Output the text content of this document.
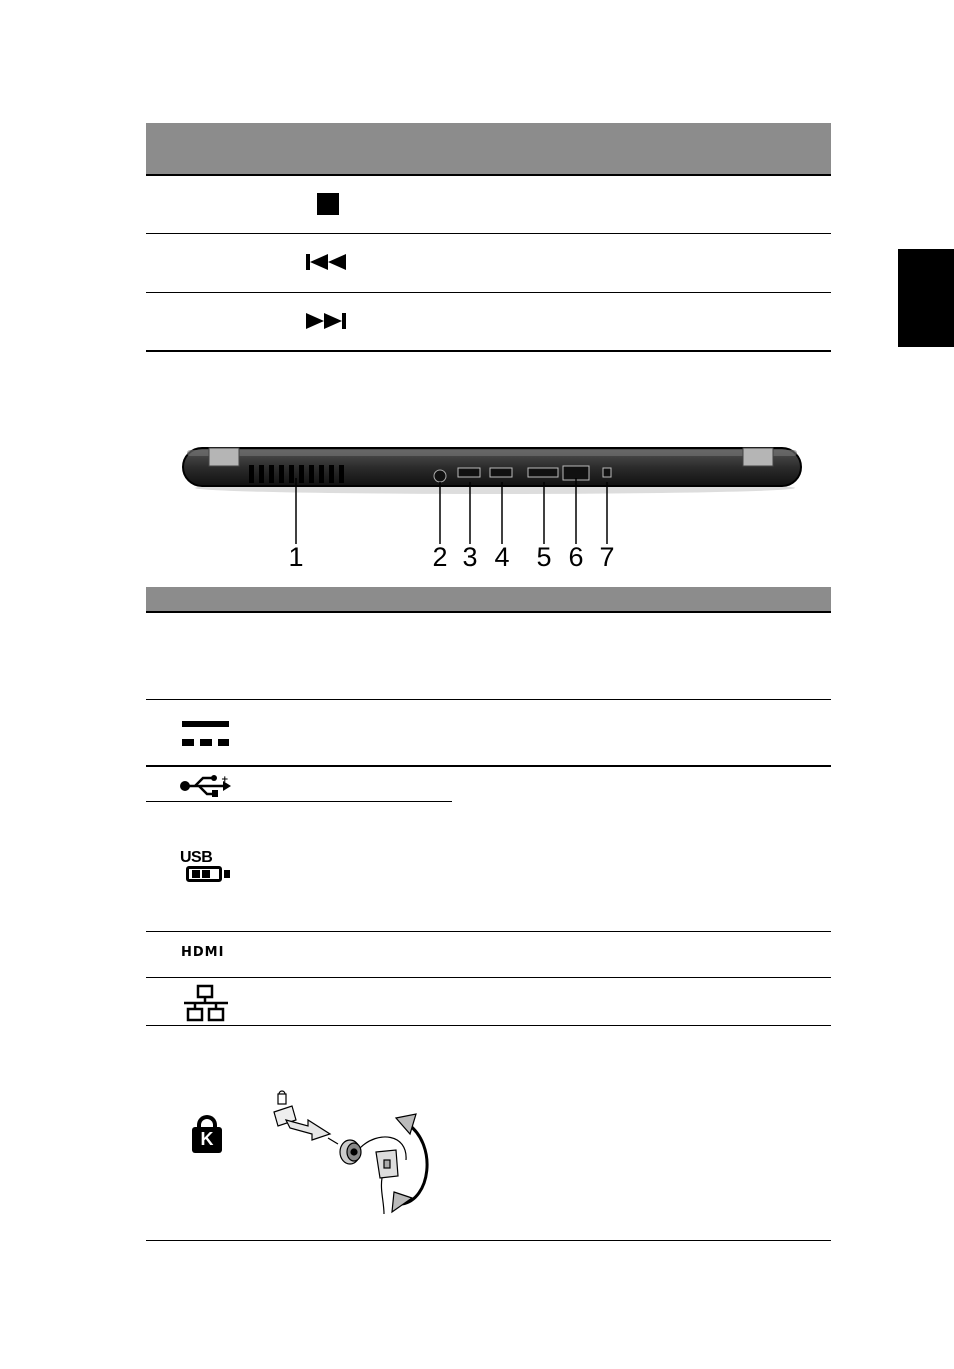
1	2 3 4 5 6 7
+
USB
HDMI
K
